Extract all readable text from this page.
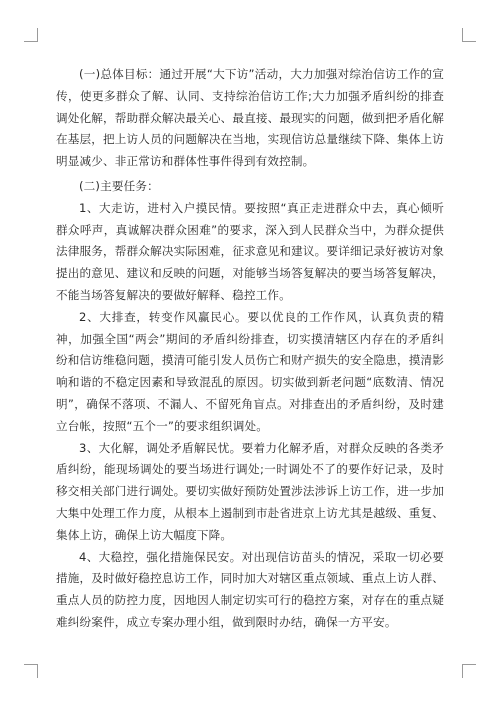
(一)总体目标：通过开展“大下访”活动，大力加强对综治信访工作的宣传，使更多群众了解、认同、支持综治信访工作;大力加强矛盾纠纷的排查调处化解，帮助群众解决最关心、最直接、最现实的问题，做到把矛盾化解在基层，把上访人员的问题解决在当地，实现信访总量继续下降、集体上访明显减少、非正常访和群体性事件得到有效控制。

(二)主要任务：

1、大走访，进村入户摸民情。要按照“真正走进群众中去，真心倾听群众呼声，真诚解决群众困难”的要求，深入到人民群众当中，为群众提供法律服务，帮群众解决实际困难，征求意见和建议。要详细记录好被访对象提出的意见、建议和反映的问题，对能够当场答复解决的要当场答复解决，不能当场答复解决的要做好解释、稳控工作。

2、大排查，转变作风赢民心。要以优良的工作作风，认真负责的精神，加强全国“两会”期间的矛盾纠纷排查，切实摸清辖区内存在的矛盾纠纷和信访维稳问题，摸清可能引发人员伤亡和财产损失的安全隐患，摸清影响和谐的不稳定因素和导致混乱的原因。切实做到新老问题“底数清、情况明”，确保不落项、不漏人、不留死角盲点。对排查出的矛盾纠纷，及时建立台帐，按照“五个一”的要求组织调处。

3、大化解，调处矛盾解民忧。要着力化解矛盾，对群众反映的各类矛盾纠纷，能现场调处的要当场进行调处;一时调处不了的要作好记录，及时移交相关部门进行调处。要切实做好预防处置涉法涉诉上访工作，进一步加大集中处理工作力度，从根本上遏制到市赴省进京上访尤其是越级、重复、集体上访，确保上访大幅度下降。

4、大稳控，强化措施保民安。对出现信访苗头的情况，采取一切必要措施，及时做好稳控息访工作，同时加大对辖区重点领域、重点上访人群、重点人员的防控力度，因地因人制定切实可行的稳控方案，对存在的重点疑难纠纷案件，成立专案办理小组，做到限时办结，确保一方平安。
